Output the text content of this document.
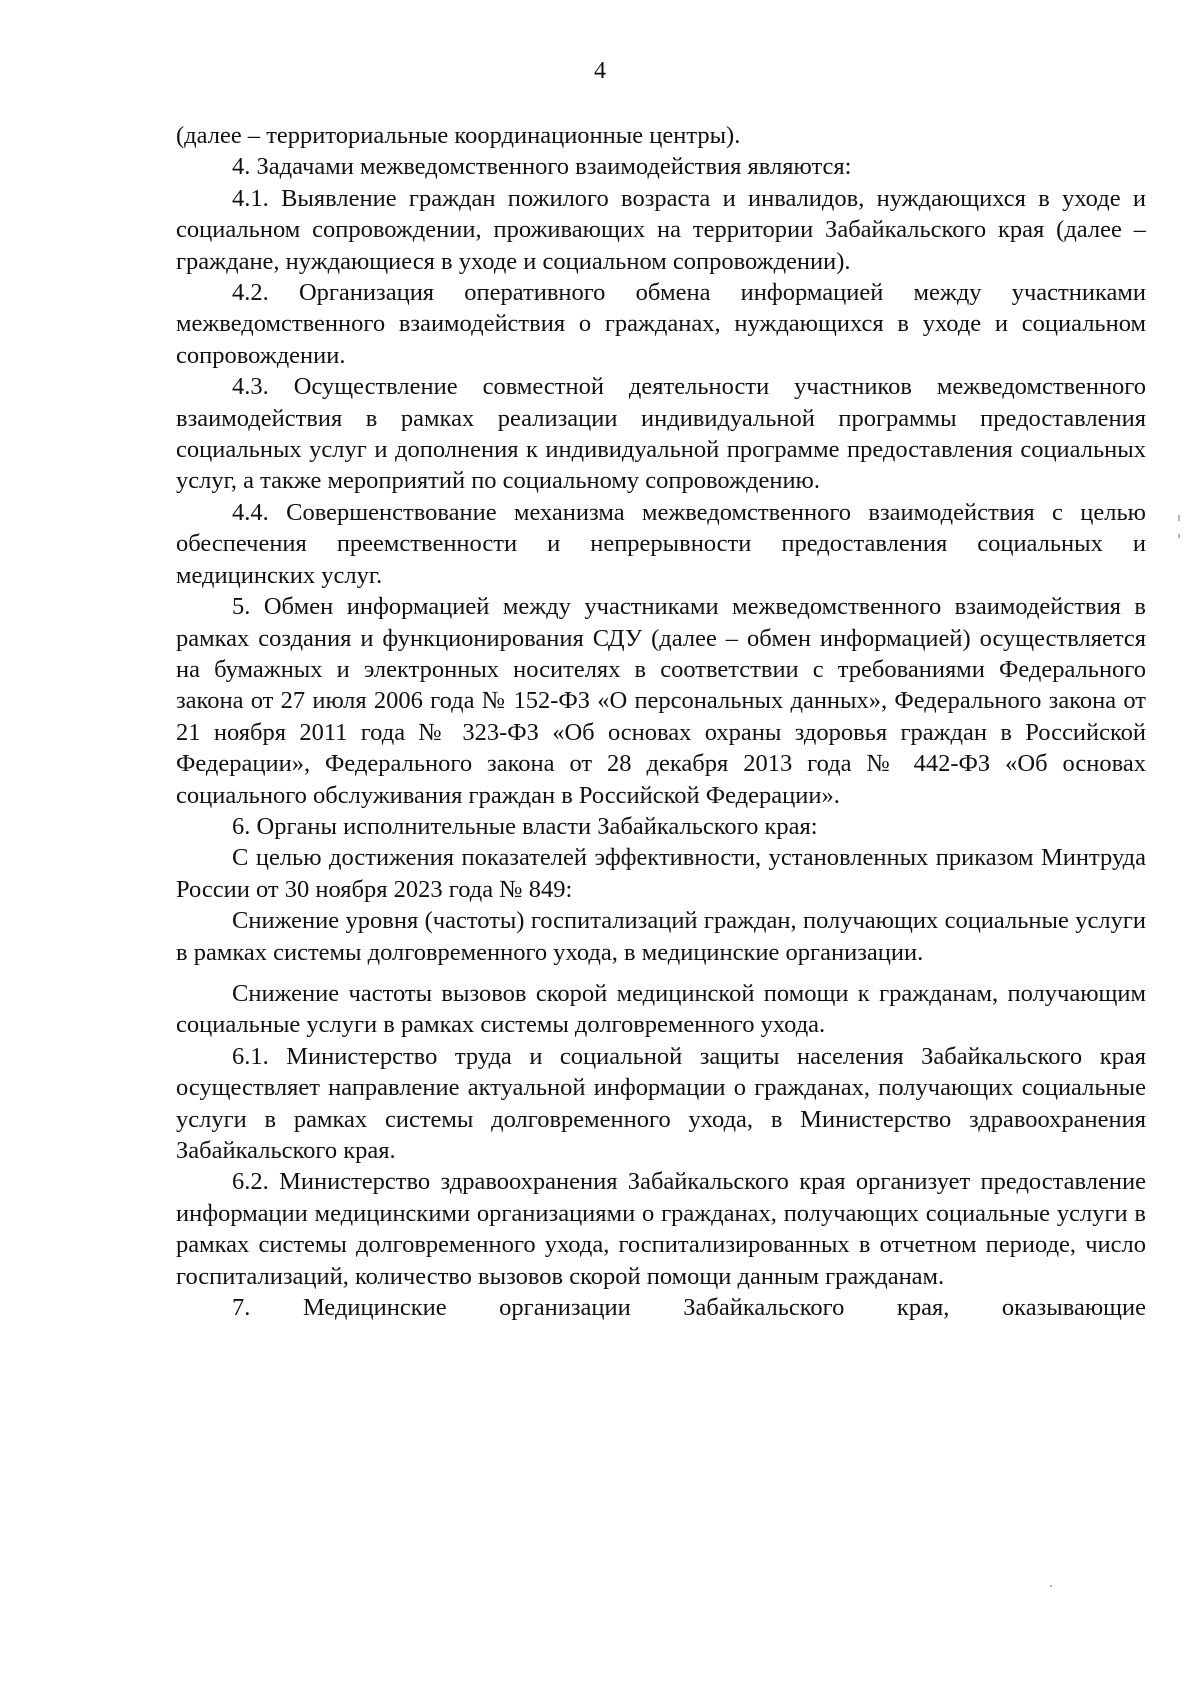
4

(далее – территориальные координационные центры).

4. Задачами межведомственного взаимодействия являются:

4.1. Выявление граждан пожилого возраста и инвалидов, нуждающихся в уходе и социальном сопровождении, проживающих на территории Забайкальского края (далее – граждане, нуждающиеся в уходе и социальном сопровождении).

4.2. Организация оперативного обмена информацией между участниками межведомственного взаимодействия о гражданах, нуждающихся в уходе и социальном сопровождении.

4.3. Осуществление совместной деятельности участников межведомственного взаимодействия в рамках реализации индивидуальной программы предоставления социальных услуг и дополнения к индивидуальной программе предоставления социальных услуг, а также мероприятий по социальному сопровождению.

4.4. Совершенствование механизма межведомственного взаимодействия с целью обеспечения преемственности и непрерывности предоставления социальных и медицинских услуг.

5. Обмен информацией между участниками межведомственного взаимодействия в рамках создания и функционирования СДУ (далее – обмен информацией) осуществляется на бумажных и электронных носителях в соответствии с требованиями Федерального закона от 27 июля 2006 года № 152-ФЗ «О персональных данных», Федерального закона от 21 ноября 2011 года № 323-ФЗ «Об основах охраны здоровья граждан в Российской Федерации», Федерального закона от 28 декабря 2013 года № 442-ФЗ «Об основах социального обслуживания граждан в Российской Федерации».

6. Органы исполнительные власти Забайкальского края:

С целью достижения показателей эффективности, установленных приказом Минтруда России от 30 ноября 2023 года № 849:

Снижение уровня (частоты) госпитализаций граждан, получающих социальные услуги в рамках системы долговременного ухода, в медицинские организации.

Снижение частоты вызовов скорой медицинской помощи к гражданам, получающим социальные услуги в рамках системы долговременного ухода.

6.1. Министерство труда и социальной защиты населения Забайкальского края осуществляет направление актуальной информации о гражданах, получающих социальные услуги в рамках системы долговременного ухода, в Министерство здравоохранения Забайкальского края.

6.2. Министерство здравоохранения Забайкальского края организует предоставление информации медицинскими организациями о гражданах, получающих социальные услуги в рамках системы долговременного ухода, госпитализированных в отчетном периоде, число госпитализаций, количество вызовов скорой помощи данным гражданам.

7. Медицинские организации Забайкальского края, оказывающие
